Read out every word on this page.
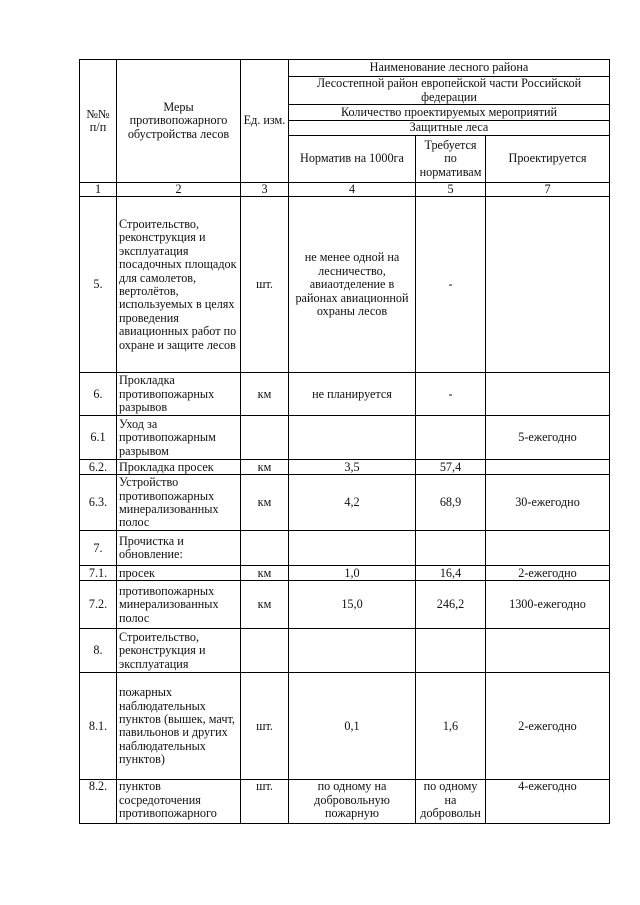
№№ п/п	Меры противопожарного обустройства лесов	Ед. изм.	Наименование лесного района		
			Лесостепной район европейской части Российской федерации		
			Количество проектируемых мероприятий		
			Защитные леса		
			Норматив на 1000га	Требуется по нормативам	Проектируется
1	2	3	4	5	7
5.	Строительство, реконструкция и эксплуатация посадочных площадок для самолетов, вертолётов, используемых в целях проведения авиационных работ по охране и защите лесов	шт.	не менее одной на лесничество, авиаотделение в районах авиационной охраны лесов	-	
6.	Прокладка противопожарных разрывов	км	не планируется	-	
6.1	Уход за противопожарным разрывом				5-ежегодно
6.2.	Прокладка просек	км	3,5	57,4	
6.3.	Устройство противопожарных минерализованных полос	км	4,2	68,9	30-ежегодно
7.	Прочистка и обновление:				
7.1.	просек	км	1,0	16,4	2-ежегодно
7.2.	противопожарных минерализованных полос	км	15,0	246,2	1300-ежегодно
8.	Строительство, реконструкция и эксплуатация				
8.1.	пожарных наблюдательных пунктов (вышек, мачт, павильонов и других наблюдательных пунктов)	шт.	0,1	1,6	2-ежегодно
8.2.	пунктов сосредоточения противопожарного	шт.	по одному на добровольную пожарную	по одному на добровольн	4-ежегодно
